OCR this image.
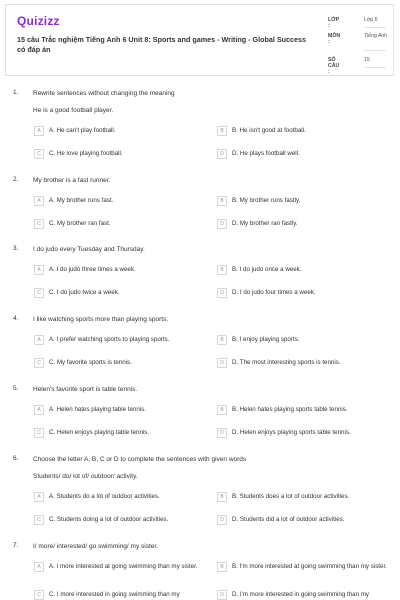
Quizizz
15 câu Trắc nghiệm Tiếng Anh 6 Unit 8: Sports and games - Writing - Global Success có đáp án
LỚP :
Lớp 6
MÔN :
Tiếng Anh
SỐ CÂU :
15
1. Rewrite sentences without changing the meaning
He is a good football player.
A	A. He can't play football.	B	B. He isn't good at football.
C	C. He love playing football.	D	D. He plays football well.
2. My brother is a fast runner.
A	A. My brother runs fast.	B	B. My brother runs fastly.
C	C. My brother ran fast.	D	D. My brother ran fastly.
3. I do judo every Tuesday and Thursday.
A	A. I do judo three times a week.	B	B. I do judo once a week.
C	C. I do judo twice a week.	D	D. I do judo four times a week.
4. I like watching sports more than playing sports.
A	A. I prefer watching sports to playing sports.	B	B. I enjoy playing sports.
C	C. My favorite sports is tennis.	D	D. The most interesting sports is tennis.
5. Helen's favorite sport is table tennis.
A	A. Helen hates playing table tennis.	B	B. Helen hates playing sports table tennis.
C	C. Helen enjoys playing table tennis.	D	D. Helen enjoys playing sports table tennis.
6. Choose the letter A, B, C or D to complete the sentences with given words
Students/ do/ lot of/ outdoor/ activity.
A	A. Students do a lot of outdoor activities.	B	B. Students does a lot of outdoor activities.
C	C. Students doing a lot of outdoor activities.	D	D. Students did a lot of outdoor activities.
7. I/ more/ interested/ go swimming/ my sister.
A	A. I more interested at going swimming than my sister.	B	B. I'm more interested at going swimming than my sister.
C	C. I more interested in going swimming than my	D	D. I'm more interested in going swimming than my
